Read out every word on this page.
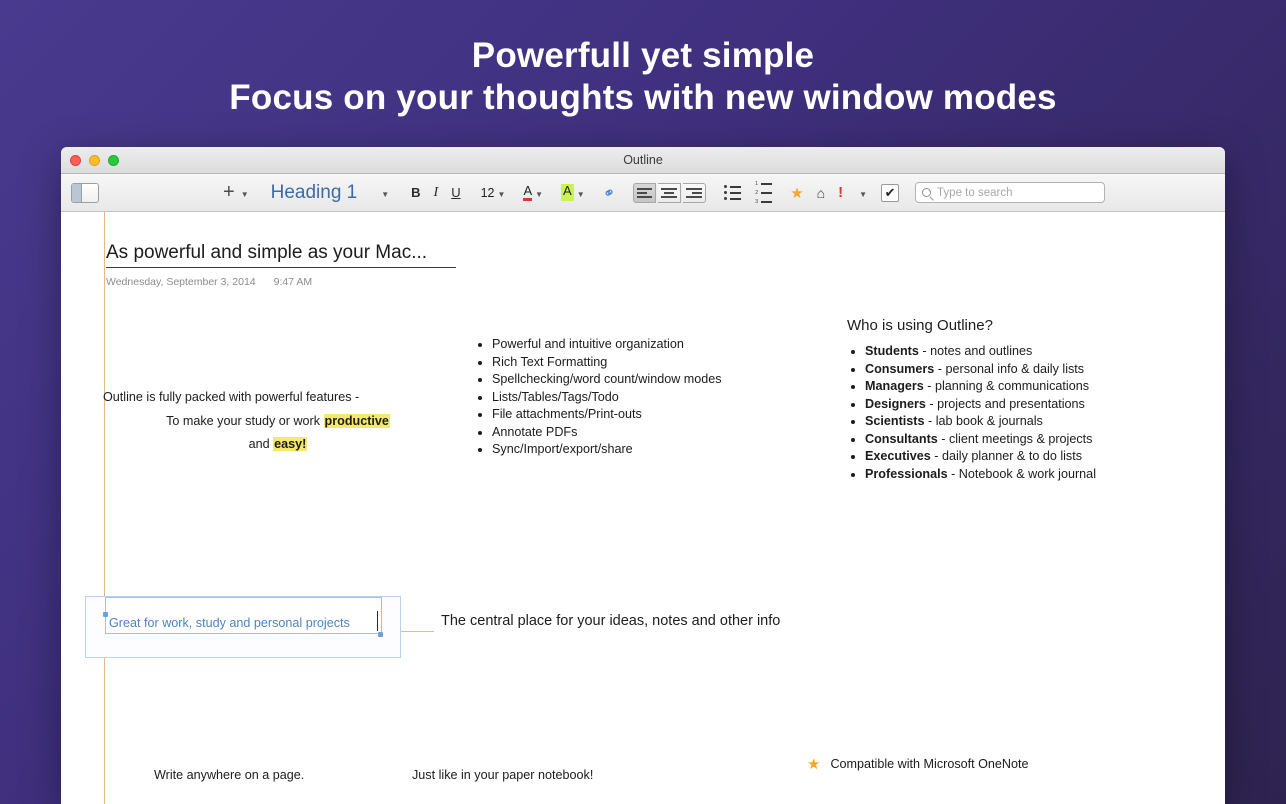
Powerfull yet simple
Focus on your thoughts with new window modes
Outline
+ ▼ Heading 1	▼ B I U 12 ▼ A ▼ A ▼ ⚭	1
2
3 ★ ⌂ ! ▼ ✔	Type to search
As powerful and simple as your Mac...
Wednesday, September 3, 2014 9:47 AM
Outline is fully packed with powerful features -
To make your study or work productive
and easy!
• Powerful and intuitive organization
• Rich Text Formatting
• Spellchecking/word count/window modes
• Lists/Tables/Tags/Todo
• File attachments/Print-outs
• Annotate PDFs
• Sync/Import/export/share
Who is using Outline?
• Students - notes and outlines
• Consumers - personal info & daily lists
• Managers - planning & communications
• Designers - projects and presentations
• Scientists - lab book & journals
• Consultants - client meetings & projects
• Executives - daily planner & to do lists
• Professionals - Notebook & work journal
Great for work, study and personal projects	The central place for your ideas, notes and other info
Write anywhere on a page.	Just like in your paper notebook!
★ Compatible with Microsoft OneNote
